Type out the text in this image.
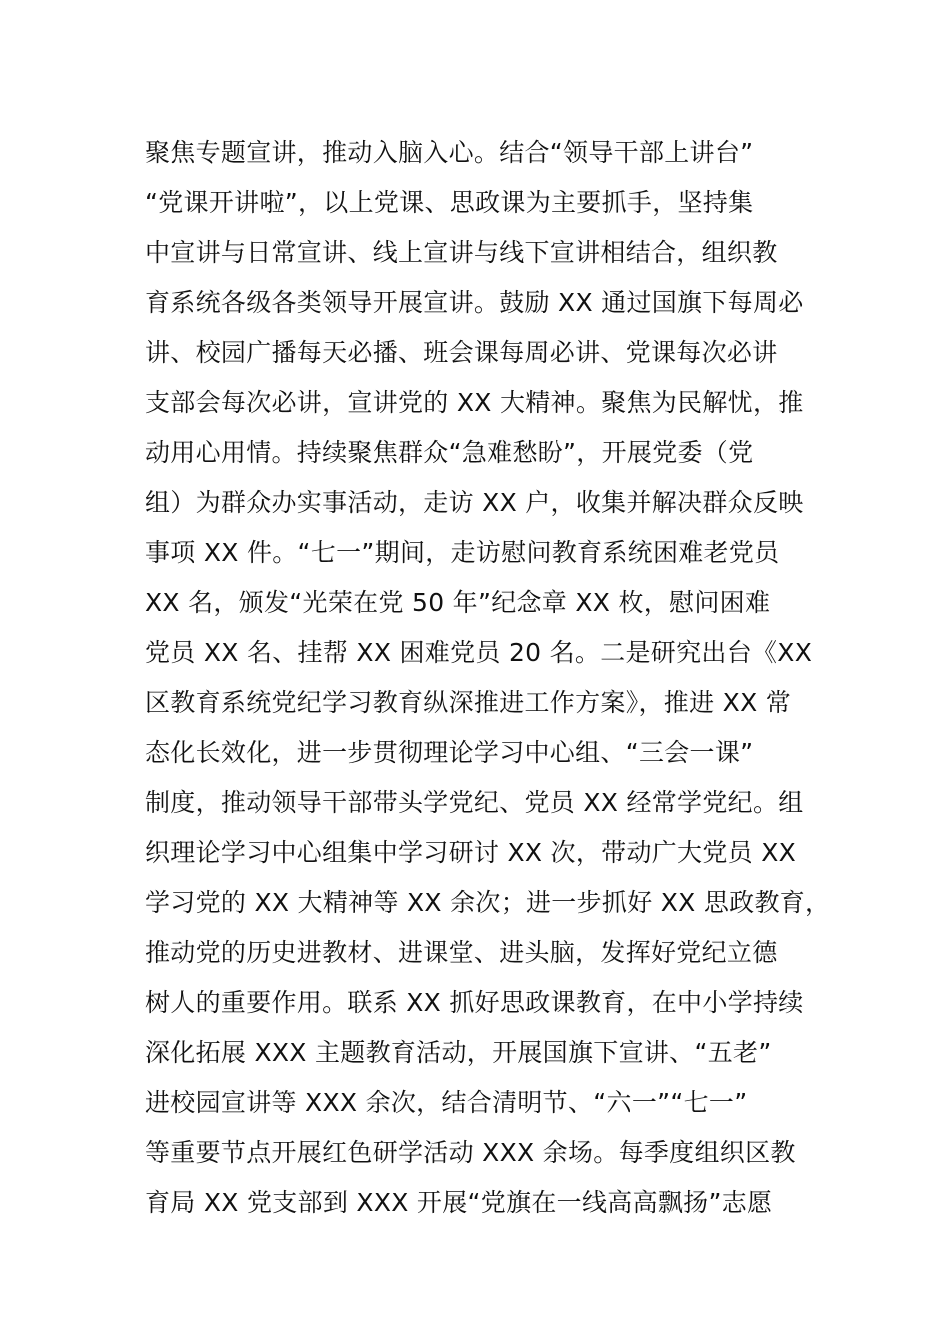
聚焦专题宣讲，推动入脑入心。结合“领导干部上讲台”
“党课开讲啦”，以上党课、思政课为主要抓手，坚持集
中宣讲与日常宣讲、线上宣讲与线下宣讲相结合，组织教
育系统各级各类领导开展宣讲。鼓励 XX 通过国旗下每周必
讲、校园广播每天必播、班会课每周必讲、党课每次必讲
支部会每次必讲，宣讲党的 XX 大精神。聚焦为民解忧，推
动用心用情。持续聚焦群众“急难愁盼”，开展党委（党
组）为群众办实事活动，走访 XX 户，收集并解决群众反映
事项 XX 件。“七一”期间，走访慰问教育系统困难老党员
XX 名，颁发“光荣在党 50 年”纪念章 XX 枚，慰问困难
党员 XX 名、挂帮 XX 困难党员 20 名。二是研究出台《XX
区教育系统党纪学习教育纵深推进工作方案》，推进 XX 常
态化长效化，进一步贯彻理论学习中心组、“三会一课”
制度，推动领导干部带头学党纪、党员 XX 经常学党纪。组
织理论学习中心组集中学习研讨 XX 次，带动广大党员 XX
学习党的 XX 大精神等 XX 余次；进一步抓好 XX 思政教育，
推动党的历史进教材、进课堂、进头脑，发挥好党纪立德
树人的重要作用。联系 XX 抓好思政课教育，在中小学持续
深化拓展 XXX 主题教育活动，开展国旗下宣讲、“五老”
进校园宣讲等 XXX 余次，结合清明节、“六一”“七一”
等重要节点开展红色研学活动 XXX 余场。每季度组织区教
育局 XX 党支部到 XXX 开展“党旗在一线高高飘扬”志愿
